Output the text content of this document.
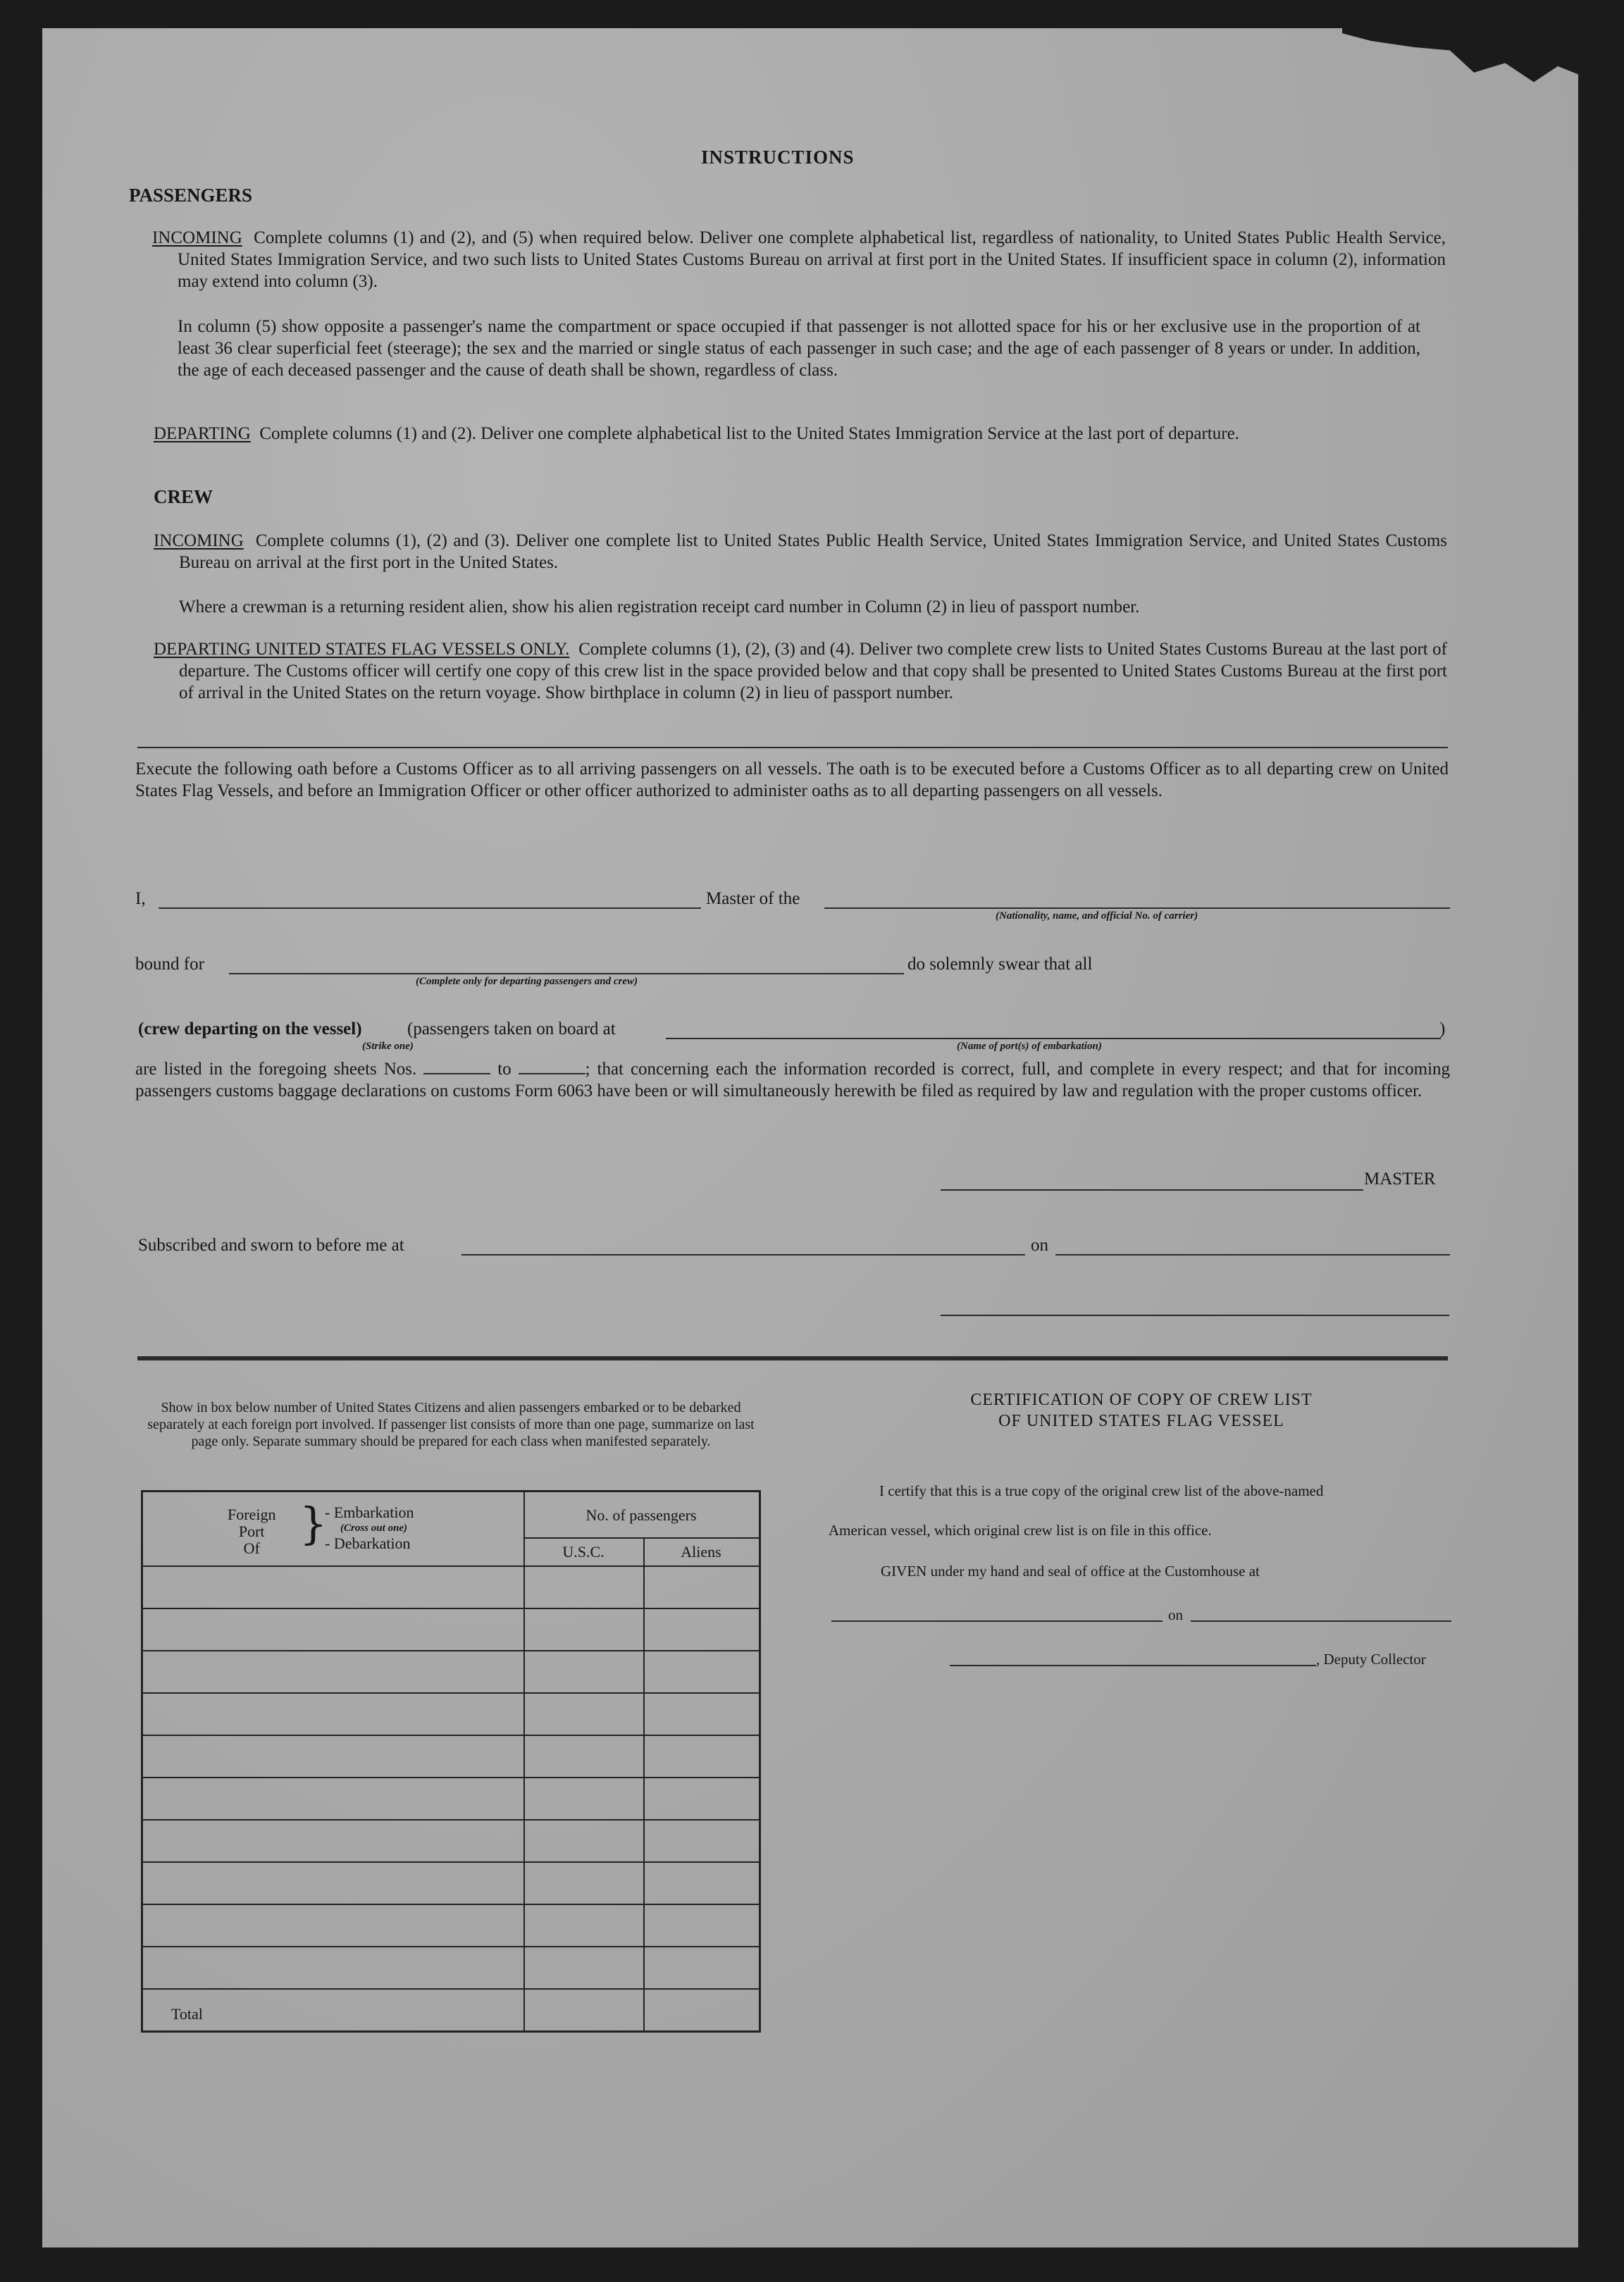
INSTRUCTIONS
PASSENGERS
INCOMING Complete columns (1) and (2), and (5) when required below. Deliver one complete alphabetical list, regardless of nationality, to United States Public Health Service, United States Immigration Service, and two such lists to United States Customs Bureau on arrival at first port in the United States. If insufficient space in column (2), information may extend into column (3).
In column (5) show opposite a passenger's name the compartment or space occupied if that passenger is not allotted space for his or her exclusive use in the proportion of at least 36 clear superficial feet (steerage); the sex and the married or single status of each passenger in such case; and the age of each passenger of 8 years or under. In addition, the age of each deceased passenger and the cause of death shall be shown, regardless of class.
DEPARTING Complete columns (1) and (2). Deliver one complete alphabetical list to the United States Immigration Service at the last port of departure.
CREW
INCOMING Complete columns (1), (2) and (3). Deliver one complete list to United States Public Health Service, United States Immigration Service, and United States Customs Bureau on arrival at the first port in the United States.
Where a crewman is a returning resident alien, show his alien registration receipt card number in Column (2) in lieu of passport number.
DEPARTING UNITED STATES FLAG VESSELS ONLY. Complete columns (1), (2), (3) and (4). Deliver two complete crew lists to United States Customs Bureau at the last port of departure. The Customs officer will certify one copy of this crew list in the space provided below and that copy shall be presented to United States Customs Bureau at the first port of arrival in the United States on the return voyage. Show birthplace in column (2) in lieu of passport number.
Execute the following oath before a Customs Officer as to all arriving passengers on all vessels. The oath is to be executed before a Customs Officer as to all departing crew on United States Flag Vessels, and before an Immigration Officer or other officer authorized to administer oaths as to all departing passengers on all vessels.
I,	Master of the
(Nationality, name, and official No. of carrier)
bound for
(Complete only for departing passengers and crew)
do solemnly swear that all
(crew departing on the vessel)
(Strike one)
(passengers taken on board at
(Name of port(s) of embarkation)
)
are listed in the foregoing sheets Nos.	to	; that concerning each the information recorded is correct, full, and complete in every respect; and that for incoming passengers customs baggage declarations on customs Form 6063 have been or will simultaneously herewith be filed as required by law and regulation with the proper customs officer.
MASTER
Subscribed and sworn to before me at	on
Show in box below number of United States Citizens and alien passengers embarked or to be debarked separately at each foreign port involved. If passenger list consists of more than one page, summarize on last page only. Separate summary should be prepared for each class when manifested separately.
Foreign
Port
Of }
- Embarkation
(Cross out one)
- Debarkation
No. of passengers
U.S.C.	Aliens
Total
CERTIFICATION OF COPY OF CREW LIST
OF UNITED STATES FLAG VESSEL
I certify that this is a true copy of the original crew list of the above-named
American vessel, which original crew list is on file in this office.
GIVEN under my hand and seal of office at the Customhouse at
on
, Deputy Collector
